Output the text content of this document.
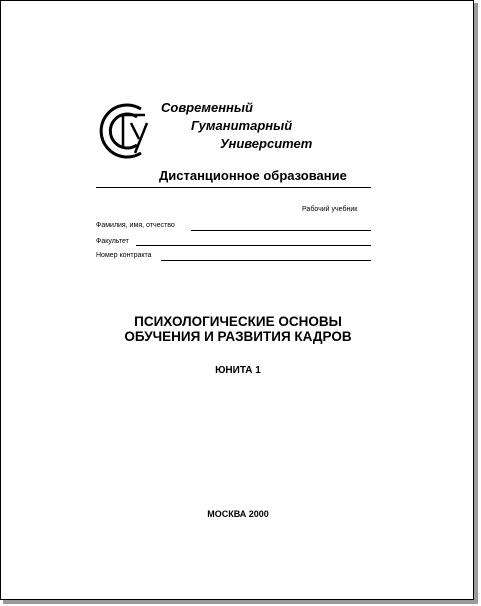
Современный
Гуманитарный
Университет
Дистанционное образование
Рабочий учебник
Фамилия, имя, отчество
Факультет
Номер контракта
ПСИХОЛОГИЧЕСКИЕ ОСНОВЫ
ОБУЧЕНИЯ И РАЗВИТИЯ КАДРОВ
ЮНИТА 1
МОСКВА 2000
